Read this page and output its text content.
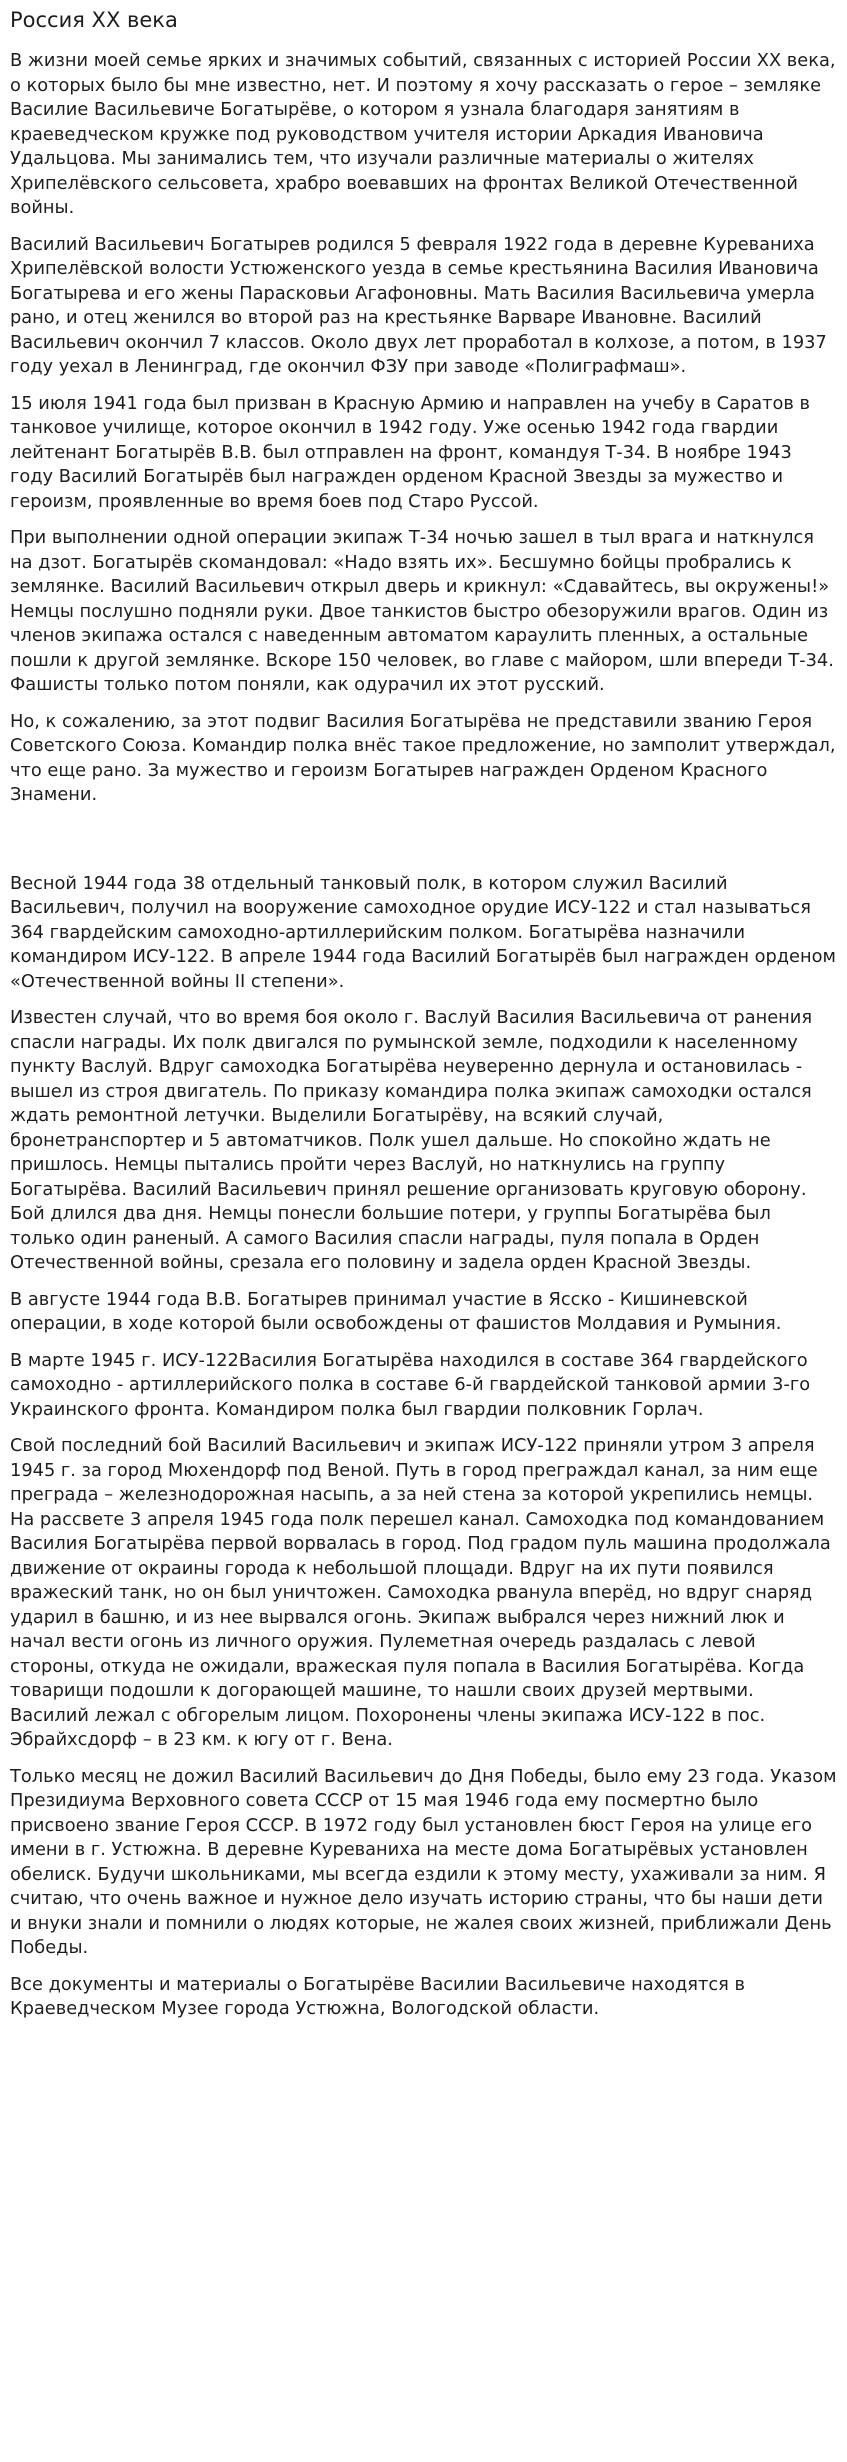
Россия XX века

В жизни моей семье ярких и значимых событий, связанных с историей России XX века, о которых было бы мне известно, нет. И поэтому я хочу рассказать о герое – земляке Василие Васильевиче Богатырёве, о котором я узнала благодаря занятиям в краеведческом кружке под руководством учителя истории Аркадия Ивановича Удальцова. Мы занимались тем, что изучали различные материалы о жителях Хрипелёвского сельсовета, храбро воевавших на фронтах Великой Отечественной войны.

Василий Васильевич Богатырев родился 5 февраля 1922 года в деревне Куреваниха Хрипелёвской волости Устюженского уезда в семье крестьянина Василия Ивановича Богатырева и его жены Парасковьи Агафоновны. Мать Василия Васильевича умерла рано, и отец женился во второй раз на крестьянке Варваре Ивановне. Василий Васильевич окончил 7 классов. Около двух лет проработал в колхозе, а потом, в 1937 году уехал в Ленинград, где окончил ФЗУ при заводе «Полиграфмаш».

15 июля 1941 года был призван в Красную Армию и направлен на учебу в Саратов в танковое училище, которое окончил в 1942 году. Уже осенью 1942 года гвардии лейтенант Богатырёв В.В. был отправлен на фронт, командуя Т-34. В ноябре 1943 году Василий Богатырёв был награжден орденом Красной Звезды за мужество и героизм, проявленные во время боев под Старо Руссой.

При выполнении одной операции экипаж Т-34 ночью зашел в тыл врага и наткнулся на дзот. Богатырёв скомандовал: «Надо взять их». Бесшумно бойцы пробрались к землянке. Василий Васильевич открыл дверь и крикнул: «Сдавайтесь, вы окружены!» Немцы послушно подняли руки. Двое танкистов быстро обезоружили врагов. Один из членов экипажа остался с наведенным автоматом караулить пленных, а остальные пошли к другой землянке. Вскоре 150 человек, во главе с майором, шли впереди Т-34. Фашисты только потом поняли, как одурачил их этот русский.

Но, к сожалению, за этот подвиг Василия Богатырёва не представили званию Героя Советского Союза. Командир полка внёс такое предложение, но замполит утверждал, что еще рано. За мужество и героизм Богатырев награжден Орденом Красного Знамени.

Весной 1944 года 38 отдельный танковый полк, в котором служил Василий Васильевич, получил на вооружение самоходное орудие ИСУ-122 и стал называться 364 гвардейским самоходно-артиллерийским полком. Богатырёва назначили командиром ИСУ-122. В апреле 1944 года Василий Богатырёв был награжден орденом «Отечественной войны II степени».

Известен случай, что во время боя около г. Васлуй Василия Васильевича от ранения спасли награды. Их полк двигался по румынской земле, подходили к населенному пункту Васлуй. Вдруг самоходка Богатырёва неуверенно дернула и остановилась - вышел из строя двигатель. По приказу командира полка экипаж самоходки остался ждать ремонтной летучки. Выделили Богатырёву, на всякий случай, бронетранспортер и 5 автоматчиков. Полк ушел дальше. Но спокойно ждать не пришлось. Немцы пытались пройти через Васлуй, но наткнулись на группу Богатырёва. Василий Васильевич принял решение организовать круговую оборону. Бой длился два дня. Немцы понесли большие потери, у группы Богатырёва был только один раненый. А самого Василия спасли награды, пуля попала в Орден Отечественной войны, срезала его половину и задела орден Красной Звезды.

В августе 1944 года В.В. Богатырев принимал участие в Ясско - Кишиневской операции, в ходе которой были освобождены от фашистов Молдавия и Румыния.

В марте 1945 г. ИСУ-122Василия Богатырёва находился в составе 364 гвардейского самоходно - артиллерийского полка в составе 6-й гвардейской танковой армии 3-го Украинского фронта. Командиром полка был гвардии полковник Горлач.

Свой последний бой Василий Васильевич и экипаж ИСУ-122 приняли утром 3 апреля 1945 г. за город Мюхендорф под Веной. Путь в город преграждал канал, за ним еще преграда – железнодорожная насыпь, а за ней стена за которой укрепились немцы. На рассвете 3 апреля 1945 года полк перешел канал. Самоходка под командованием Василия Богатырёва первой ворвалась в город. Под градом пуль машина продолжала движение от окраины города к небольшой площади. Вдруг на их пути появился вражеский танк, но он был уничтожен. Самоходка рванула вперёд, но вдруг снаряд ударил в башню, и из нее вырвался огонь. Экипаж выбрался через нижний люк и начал вести огонь из личного оружия. Пулеметная очередь раздалась с левой стороны, откуда не ожидали, вражеская пуля попала в Василия Богатырёва. Когда товарищи подошли к догорающей машине, то нашли своих друзей мертвыми. Василий лежал с обгорелым лицом. Похоронены члены экипажа ИСУ-122 в пос. Эбрайхсдорф – в 23 км. к югу от г. Вена.

Только месяц не дожил Василий Васильевич до Дня Победы, было ему 23 года. Указом Президиума Верховного совета СССР от 15 мая 1946 года ему посмертно было присвоено звание Героя СССР. В 1972 году был установлен бюст Героя на улице его имени в г. Устюжна. В деревне Куреваниха на месте дома Богатырёвых установлен обелиск. Будучи школьниками, мы всегда ездили к этому месту, ухаживали за ним. Я считаю, что очень важное и нужное дело изучать историю страны, что бы наши дети и внуки знали и помнили о людях которые, не жалея своих жизней, приближали День Победы.

Все документы и материалы о Богатырёве Василии Васильевиче находятся в Краеведческом Музее города Устюжна, Вологодской области.
